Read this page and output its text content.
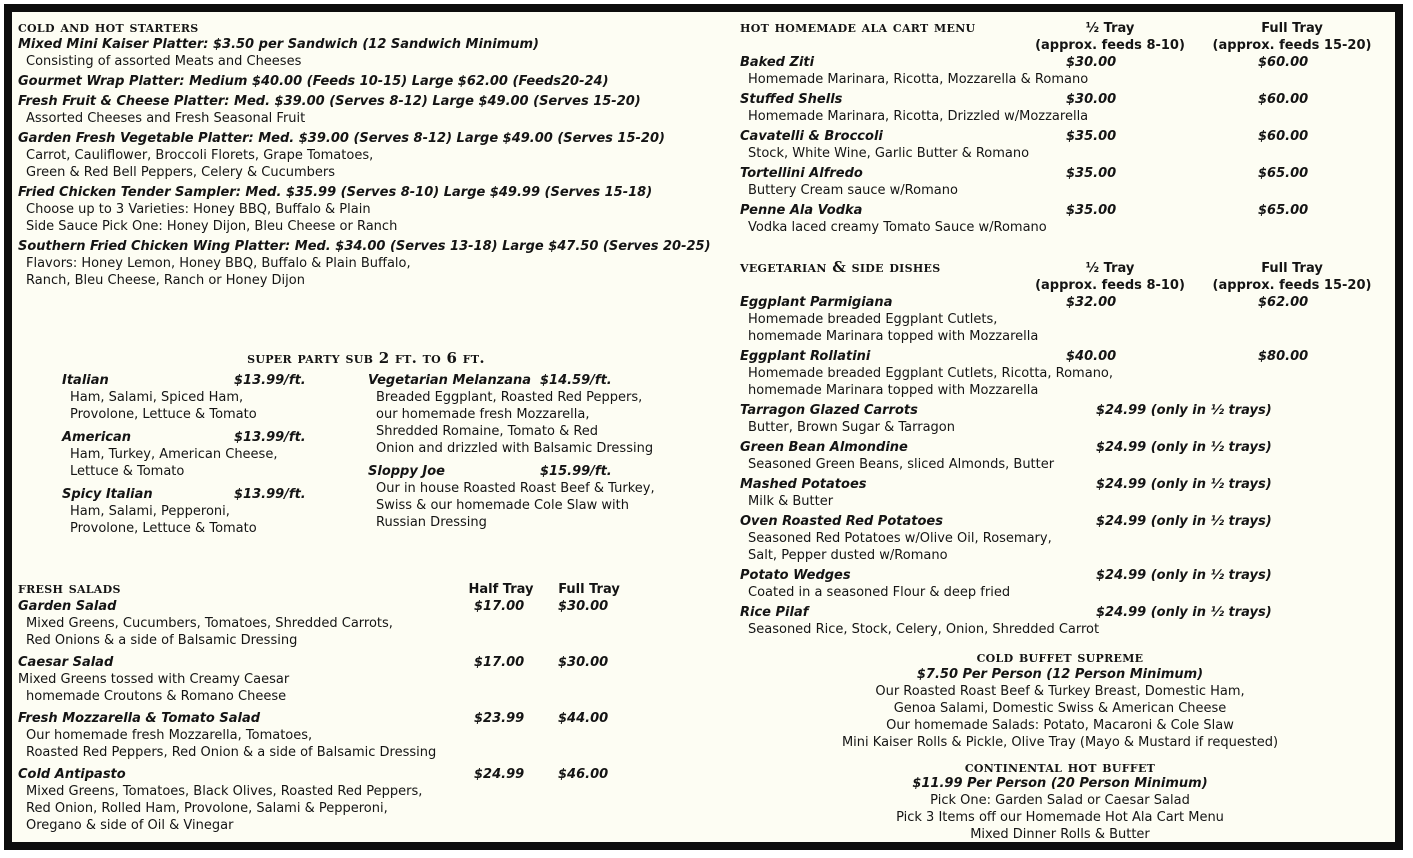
cold and hot starters
Mixed Mini Kaiser Platter: $3.50 per Sandwich (12 Sandwich Minimum)
Consisting of assorted Meats and Cheeses
Gourmet Wrap Platter: Medium $40.00 (Feeds 10-15) Large $62.00 (Feeds20-24)
Fresh Fruit & Cheese Platter: Med. $39.00 (Serves 8-12) Large $49.00 (Serves 15-20)
Assorted Cheeses and Fresh Seasonal Fruit
Garden Fresh Vegetable Platter: Med. $39.00 (Serves 8-12) Large $49.00 (Serves 15-20)
Carrot, Cauliflower, Broccoli Florets, Grape Tomatoes,
Green & Red Bell Peppers, Celery & Cucumbers
Fried Chicken Tender Sampler: Med. $35.99 (Serves 8-10) Large $49.99 (Serves 15-18)
Choose up to 3 Varieties: Honey BBQ, Buffalo & Plain
Side Sauce Pick One: Honey Dijon, Bleu Cheese or Ranch
Southern Fried Chicken Wing Platter: Med. $34.00 (Serves 13-18) Large $47.50 (Serves 20-25)
Flavors: Honey Lemon, Honey BBQ, Buffalo & Plain Buffalo,
Ranch, Bleu Cheese, Ranch or Honey Dijon
super party sub 2 ft. to 6 ft.
Italian	$13.99/ft.
Ham, Salami, Spiced Ham,
Provolone, Lettuce & Tomato
American	$13.99/ft.
Ham, Turkey, American Cheese,
Lettuce & Tomato
Spicy Italian	$13.99/ft.
Ham, Salami, Pepperoni,
Provolone, Lettuce & Tomato
Vegetarian Melanzana $14.59/ft.
Breaded Eggplant, Roasted Red Peppers,
our homemade fresh Mozzarella,
Shredded Romaine, Tomato & Red
Onion and drizzled with Balsamic Dressing
Sloppy Joe	$15.99/ft.
Our in house Roasted Roast Beef & Turkey,
Swiss & our homemade Cole Slaw with
Russian Dressing
fresh salads	Half Tray	Full Tray
Garden Salad	$17.00	$30.00
Mixed Greens, Cucumbers, Tomatoes, Shredded Carrots,
Red Onions & a side of Balsamic Dressing
Caesar Salad	$17.00	$30.00
Mixed Greens tossed with Creamy Caesar
homemade Croutons & Romano Cheese
Fresh Mozzarella & Tomato Salad	$23.99	$44.00
Our homemade fresh Mozzarella, Tomatoes,
Roasted Red Peppers, Red Onion & a side of Balsamic Dressing
Cold Antipasto	$24.99	$46.00
Mixed Greens, Tomatoes, Black Olives, Roasted Red Peppers,
Red Onion, Rolled Ham, Provolone, Salami & Pepperoni,
Oregano & side of Oil & Vinegar
hot homemade ala cart menu	½ Tray
(approx. feeds 8-10)
Full Tray
(approx. feeds 15-20)
Baked Ziti	$30.00	$60.00
Homemade Marinara, Ricotta, Mozzarella & Romano
Stuffed Shells	$30.00	$60.00
Homemade Marinara, Ricotta, Drizzled w/Mozzarella
Cavatelli & Broccoli	$35.00	$60.00
Stock, White Wine, Garlic Butter & Romano
Tortellini Alfredo	$35.00	$65.00
Buttery Cream sauce w/Romano
Penne Ala Vodka	$35.00	$65.00
Vodka laced creamy Tomato Sauce w/Romano
vegetarian & side dishes	½ Tray
(approx. feeds 8-10)
Full Tray
(approx. feeds 15-20)
Eggplant Parmigiana	$32.00	$62.00
Homemade breaded Eggplant Cutlets,
homemade Marinara topped with Mozzarella
Eggplant Rollatini	$40.00	$80.00
Homemade breaded Eggplant Cutlets, Ricotta, Romano,
homemade Marinara topped with Mozzarella
Tarragon Glazed Carrots	$24.99 (only in ½ trays)
Butter, Brown Sugar & Tarragon
Green Bean Almondine	$24.99 (only in ½ trays)
Seasoned Green Beans, sliced Almonds, Butter
Mashed Potatoes	$24.99 (only in ½ trays)
Milk & Butter
Oven Roasted Red Potatoes	$24.99 (only in ½ trays)
Seasoned Red Potatoes w/Olive Oil, Rosemary,
Salt, Pepper dusted w/Romano
Potato Wedges	$24.99 (only in ½ trays)
Coated in a seasoned Flour & deep fried
Rice Pilaf	$24.99 (only in ½ trays)
Seasoned Rice, Stock, Celery, Onion, Shredded Carrot
cold buffet supreme
$7.50 Per Person (12 Person Minimum)
Our Roasted Roast Beef & Turkey Breast, Domestic Ham,
Genoa Salami, Domestic Swiss & American Cheese
Our homemade Salads: Potato, Macaroni & Cole Slaw
Mini Kaiser Rolls & Pickle, Olive Tray (Mayo & Mustard if requested)
continental hot buffet
$11.99 Per Person (20 Person Minimum)
Pick One: Garden Salad or Caesar Salad
Pick 3 Items off our Homemade Hot Ala Cart Menu
Mixed Dinner Rolls & Butter
